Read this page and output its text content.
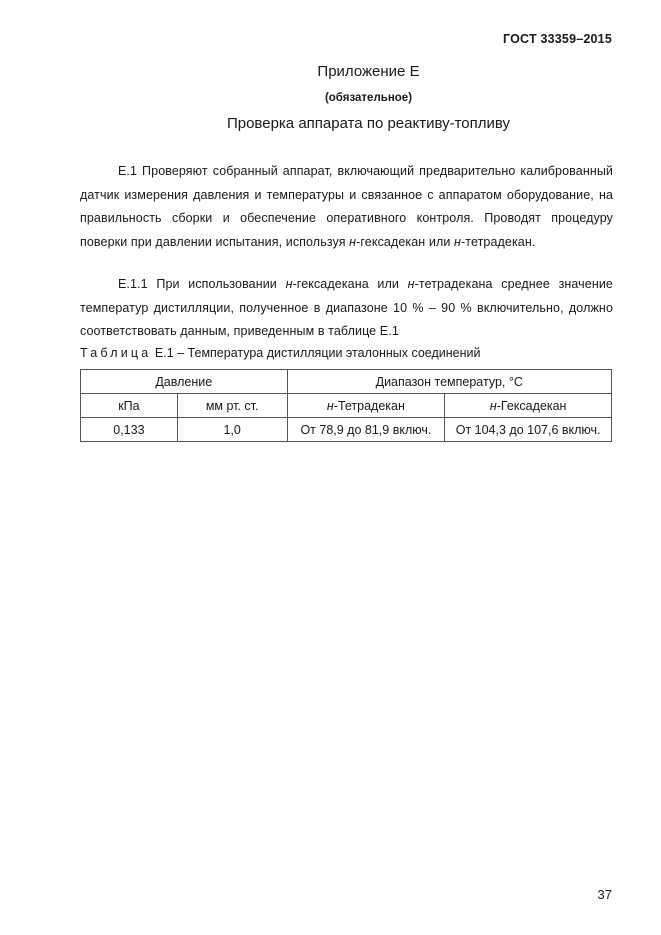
ГОСТ 33359–2015
Приложение Е
(обязательное)
Проверка аппарата по реактиву-топливу

Е.1 Проверяют собранный аппарат, включающий предварительно калиброванный датчик измерения давления и температуры и связанное с аппаратом оборудование, на правильность сборки и обеспечение оперативного контроля. Проводят процедуру поверки при давлении испытания, используя н-гексадекан или н-тетрадекан.

Е.1.1 При использовании н-гексадекана или н-тетрадекана среднее значение температур дистилляции, полученное в диапазоне 10 % – 90 % включительно, должно соответствовать данным, приведенным в таблице Е.1

Таблица Е.1 – Температура дистилляции эталонных соединений
Давление		Диапазон температур, °С	
кПа	мм рт. ст.	н-Тетрадекан	н-Гексадекан
0,133	1,0	От 78,9 до 81,9 включ.	От 104,3 до 107,6 включ.
37
